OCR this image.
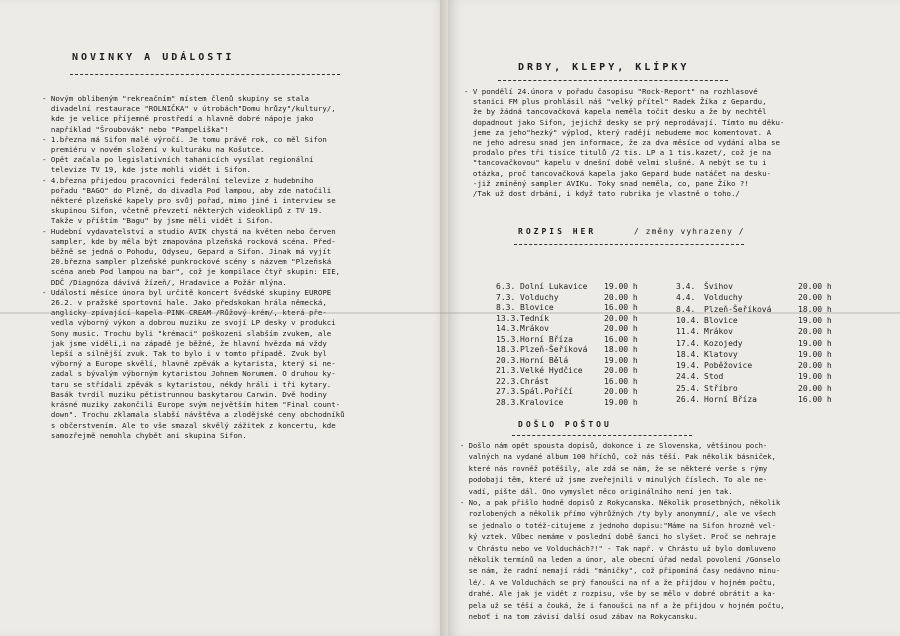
NOVINKY A UDÁLOSTI

- Novým oblíbeným "rekreačním" místem členů skupiny se stala

divadelní restaurace "ROLNIČKA" v útrobách"Domu hrůzy"/kultury/,

kde je velice příjemné prostředí a hlavně dobré nápoje jako

například "Šroubovák" nebo "Pampeliška"!

- 1.března má Sifon malé výročí. Je tomu právě rok, co měl Sifon

premiéru v novém složení v kulturáku na Košutce.

- Opět začala po legislativních tahanicích vysílat regionální

televize TV 19, kde jste mohli vidět i Sifon.

- 4.března přijedou pracovníci federální televize z hudebního

pořadu "BAGO" do Plzně, do divadla Pod lampou, aby zde natočili

některé plzeňské kapely pro svůj pořad, mimo jiné i interview se

skupinou Sifon, včetně převzetí některých videoklipů z TV 19.

Takže v příštím "Bagu" by jsme měli vidět i Sifon.

- Hudební vydavatelství a studio AVIK chystá na květen nebo červen

sampler, kde by měla být zmapována plzeňská rocková scéna. Před-

běžně se jedná o Pohodu, Odyseu, Gepard a Sifon. Jinak má vyjít

20.března sampler plzeňské punkrockové scény s názvem "Plzeňská

scéna aneb Pod lampou na bar", což je kompilace čtyř skupin: EIE,

DDČ /Diagnóza dávivá žízeň/, Hradavice a Požár mlýna.

- Událostí měsíce února byl určitě koncert švédské skupiny EUROPE

26.2. v pražské sportovní hale. Jako předskokan hrála německá,

anglicky zpívající kapela PINK CREAM /Růžový krém/, která pře-

vedla výborný výkon a dobrou muziku ze svojí LP desky v produkci

Sony music. Trochu byli "krémaci" poškozeni slabším zvukem, ale

jak jsme viděli,i na západě je běžné, že hlavní hvězda má vždy

lepší a silnější zvuk. Tak to bylo i v tomto případě. Zvuk byl

výborný a Europe skvělí, hlavně zpěvák a kytarista, který si ne-

zadal s bývalým výborným kytaristou Johnem Norumem. O druhou ky-

taru se střídali zpěvák s kytaristou, nékdy hráli i tři kytary.

Basák tvrdil muziku pětistrunnou baskytarou Carwin. Dvě hodiny

krásné muziky zakončili Europe svým největším hitem "Final count-

down". Trochu zklamala slabší návštěva a zlodějské ceny obchodníků

s občerstvením. Ale to vše smazal skvělý zážitek z koncertu, kde

samozřejmě nemohla chybět ani skupina Sifon.

DRBY, KLEPY, KLÍPKY

- V pondělí 24.února v pořadu časopisu "Rock-Report" na rozhlasové

stanici FM plus prohlásil náš "velký přítel" Radek Žíka z Gepardu,

že by žádná tancovačková kapela neměla točit desku a že by nechtěl

dopadnout jako Sifon, jejichž desky se prý neprodávají. Tímto mu děku-

jeme za jeho"hezký" výplod, který raději nebudeme moc komentovat. A

ne jeho adresu snad jen informace, že za dva měsíce od vydání alba se

prodalo přes tři tisíce titulů /2 tis. LP a 1 tis.kazet/, což je na

"tancovačkovou" kapelu v dnešní době velmi slušné. A nebýt se tu i

otázka, proč tancovačková kapela jako Gepard bude natáčet na desku-

-již zmíněný sampler AVIKu. Toky snad neměla, co, pane Žíko ?!

/Tak už dost drbání, i když tato rubrika je vlastně o toho./

ROZPIS HER	/ změny vyhrazeny /
6.3. Dolní Lukavice 19.00 h
7.3. Volduchy	20.00 h
8.3. Blovice	16.00 h
13.3. Tedník	20.00 h
14.3. Mrákov	20.00 h
15.3. Horní Bříza	16.00 h
18.3. Plzeň-Šeříková 18.00 h
20.3. Horní Bělá	19.00 h
21.3. Velké Hydčice	20.00 h
22.3. Chrást	16.00 h
27.3. Spál.Poříčí	20.00 h
28.3. Kralovice	19.00 h
3.4. Švihov	20.00 h
4.4. Volduchy	20.00 h
8.4. Plzeň-Šeříková	18.00 h
10.4. Blovice	19.00 h
11.4. Mrákov	20.00 h
17.4. Kozojedy	19.00 h
18.4. Klatovy	19.00 h
19.4. Poběžovice	20.00 h
24.4. Stod	19.00 h
25.4. Stříbro	20.00 h
26.4. Horní Bříza	16.00 h
DOŠLO POŠTOU

- Došlo nám opět spousta dopisů, dokonce i ze Slovenska, většinou poch-

valných na vydané album 100 hříchů, což nás těší. Pak několik básniček,

které nás rovněž potěšily, ale zdá se nám, že se některé verše s rýmy

podobají těm, které už jsme zveřejnili v minulých číslech. To ale ne-

vadí, píšte dál. Ono vymyslet něco originálního není jen tak.

- No, a pak přišlo hodně dopisů z Rokycanska. Několik prosetbných, několik

rozlobených a několik přímo výhrůžných /ty byly anonymní/, ale ve všech

se jednalo o totéž-citujeme z jednoho dopisu:"Máme na Sifon hrozně vel-

ký vztek. Vůbec nemáme v poslední době šanci ho slyšet. Proč se nehraje

v Chrástu nebo ve Volduchách?!" - Tak např. v Chrástu už bylo domluveno

několik termínů na leden a únor, ale obecní úřad nedal povolení /Gonselo

se nám, že radní nemají rádi "máničky", což připomíná časy nedávno minu-

lé/. A ve Volduchách se prý fanoušci na nf a že přijdou v hojném počtu,

drahé. Ale jak je vidět z rozpisu, vše by se mělo v dobré obrátit a ka-

pela už se těší a čouká, že i fanoušci na nf a že přijdou v hojném počtu,

neboť i na tom závisí další osud zábav na Rokycansku.
